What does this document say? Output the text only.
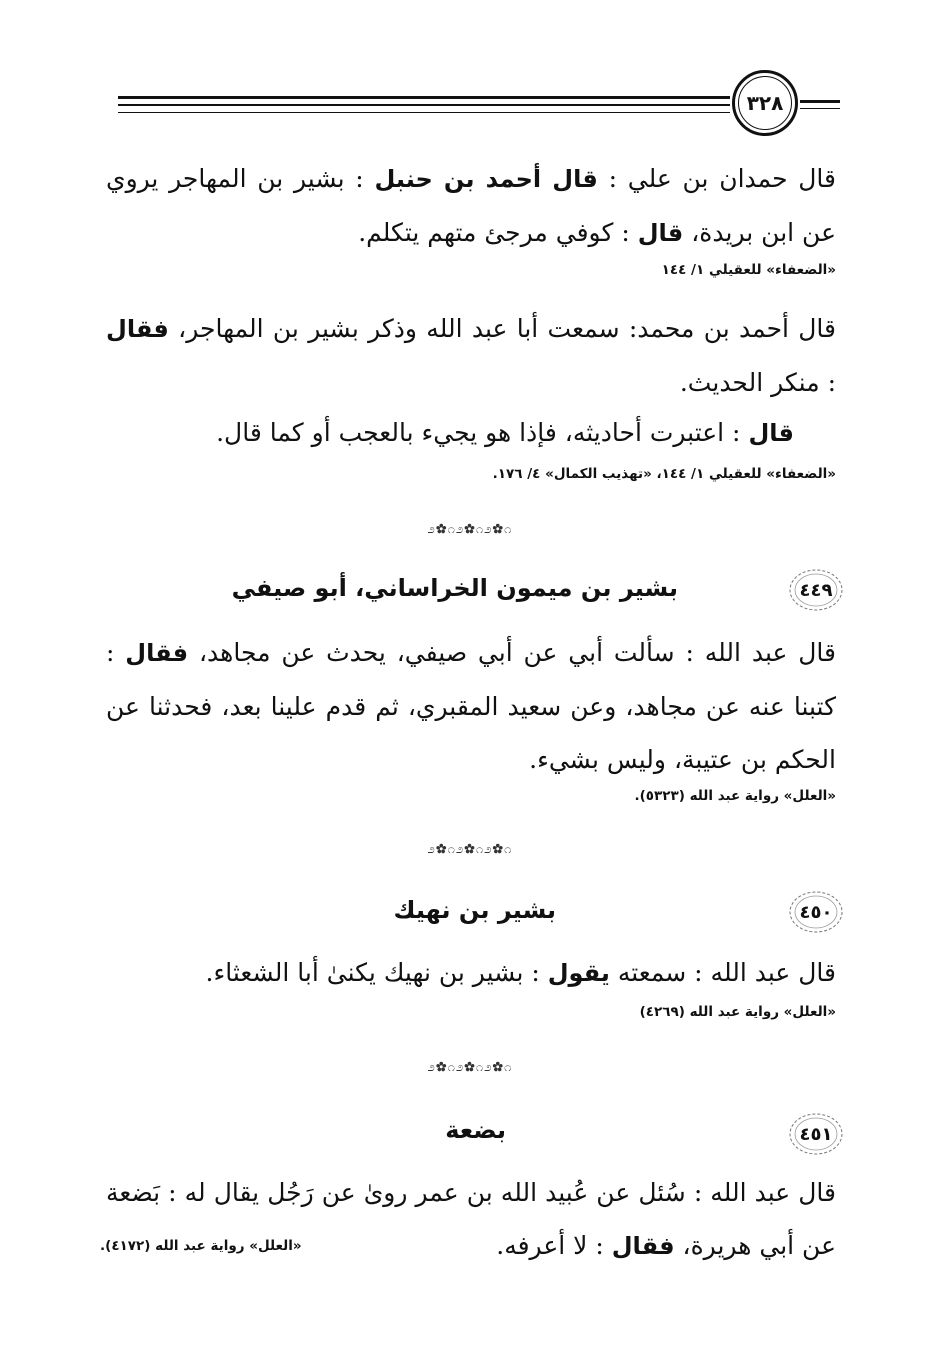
٣٢٨
قال حمدان بن علي : قال أحمد بن حنبل : بشير بن المهاجر يروي عن ابن بريدة، قال : كوفي مرجئ متهم يتكلم.
«الضعفاء» للعقيلي ١/ ١٤٤
قال أحمد بن محمد: سمعت أبا عبد الله وذكر بشير بن المهاجر، فقال : منكر الحديث.
قال : اعتبرت أحاديثه، فإذا هو يجيء بالعجب أو كما قال.
«الضعفاء» للعقيلي ١/ ١٤٤، «تهذيب الكمال» ٤/ ١٧٦.
೨✿೧೨✿೧೨✿೧
٤٤٩
بشير بن ميمون الخراساني، أبو صيفي
قال عبد الله : سألت أبي عن أبي صيفي، يحدث عن مجاهد، فقال : كتبنا عنه عن مجاهد، وعن سعيد المقبري، ثم قدم علينا بعد، فحدثنا عن الحكم بن عتيبة، وليس بشيء.
«العلل» رواية عبد الله (٥٣٢٣).
೨✿೧೨✿೧೨✿೧
٤٥٠
بشير بن نهيك
قال عبد الله : سمعته يقول : بشير بن نهيك يكنىٰ أبا الشعثاء.
«العلل» رواية عبد الله (٤٢٦٩)
೨✿೧೨✿೧೨✿೧
٤٥١
بضعة
قال عبد الله : سُئل عن عُبيد الله بن عمر روىٰ عن رَجُل يقال له : بَضعة عن أبي هريرة، فقال : لا أعرفه.
«العلل» رواية عبد الله (٤١٧٢).
